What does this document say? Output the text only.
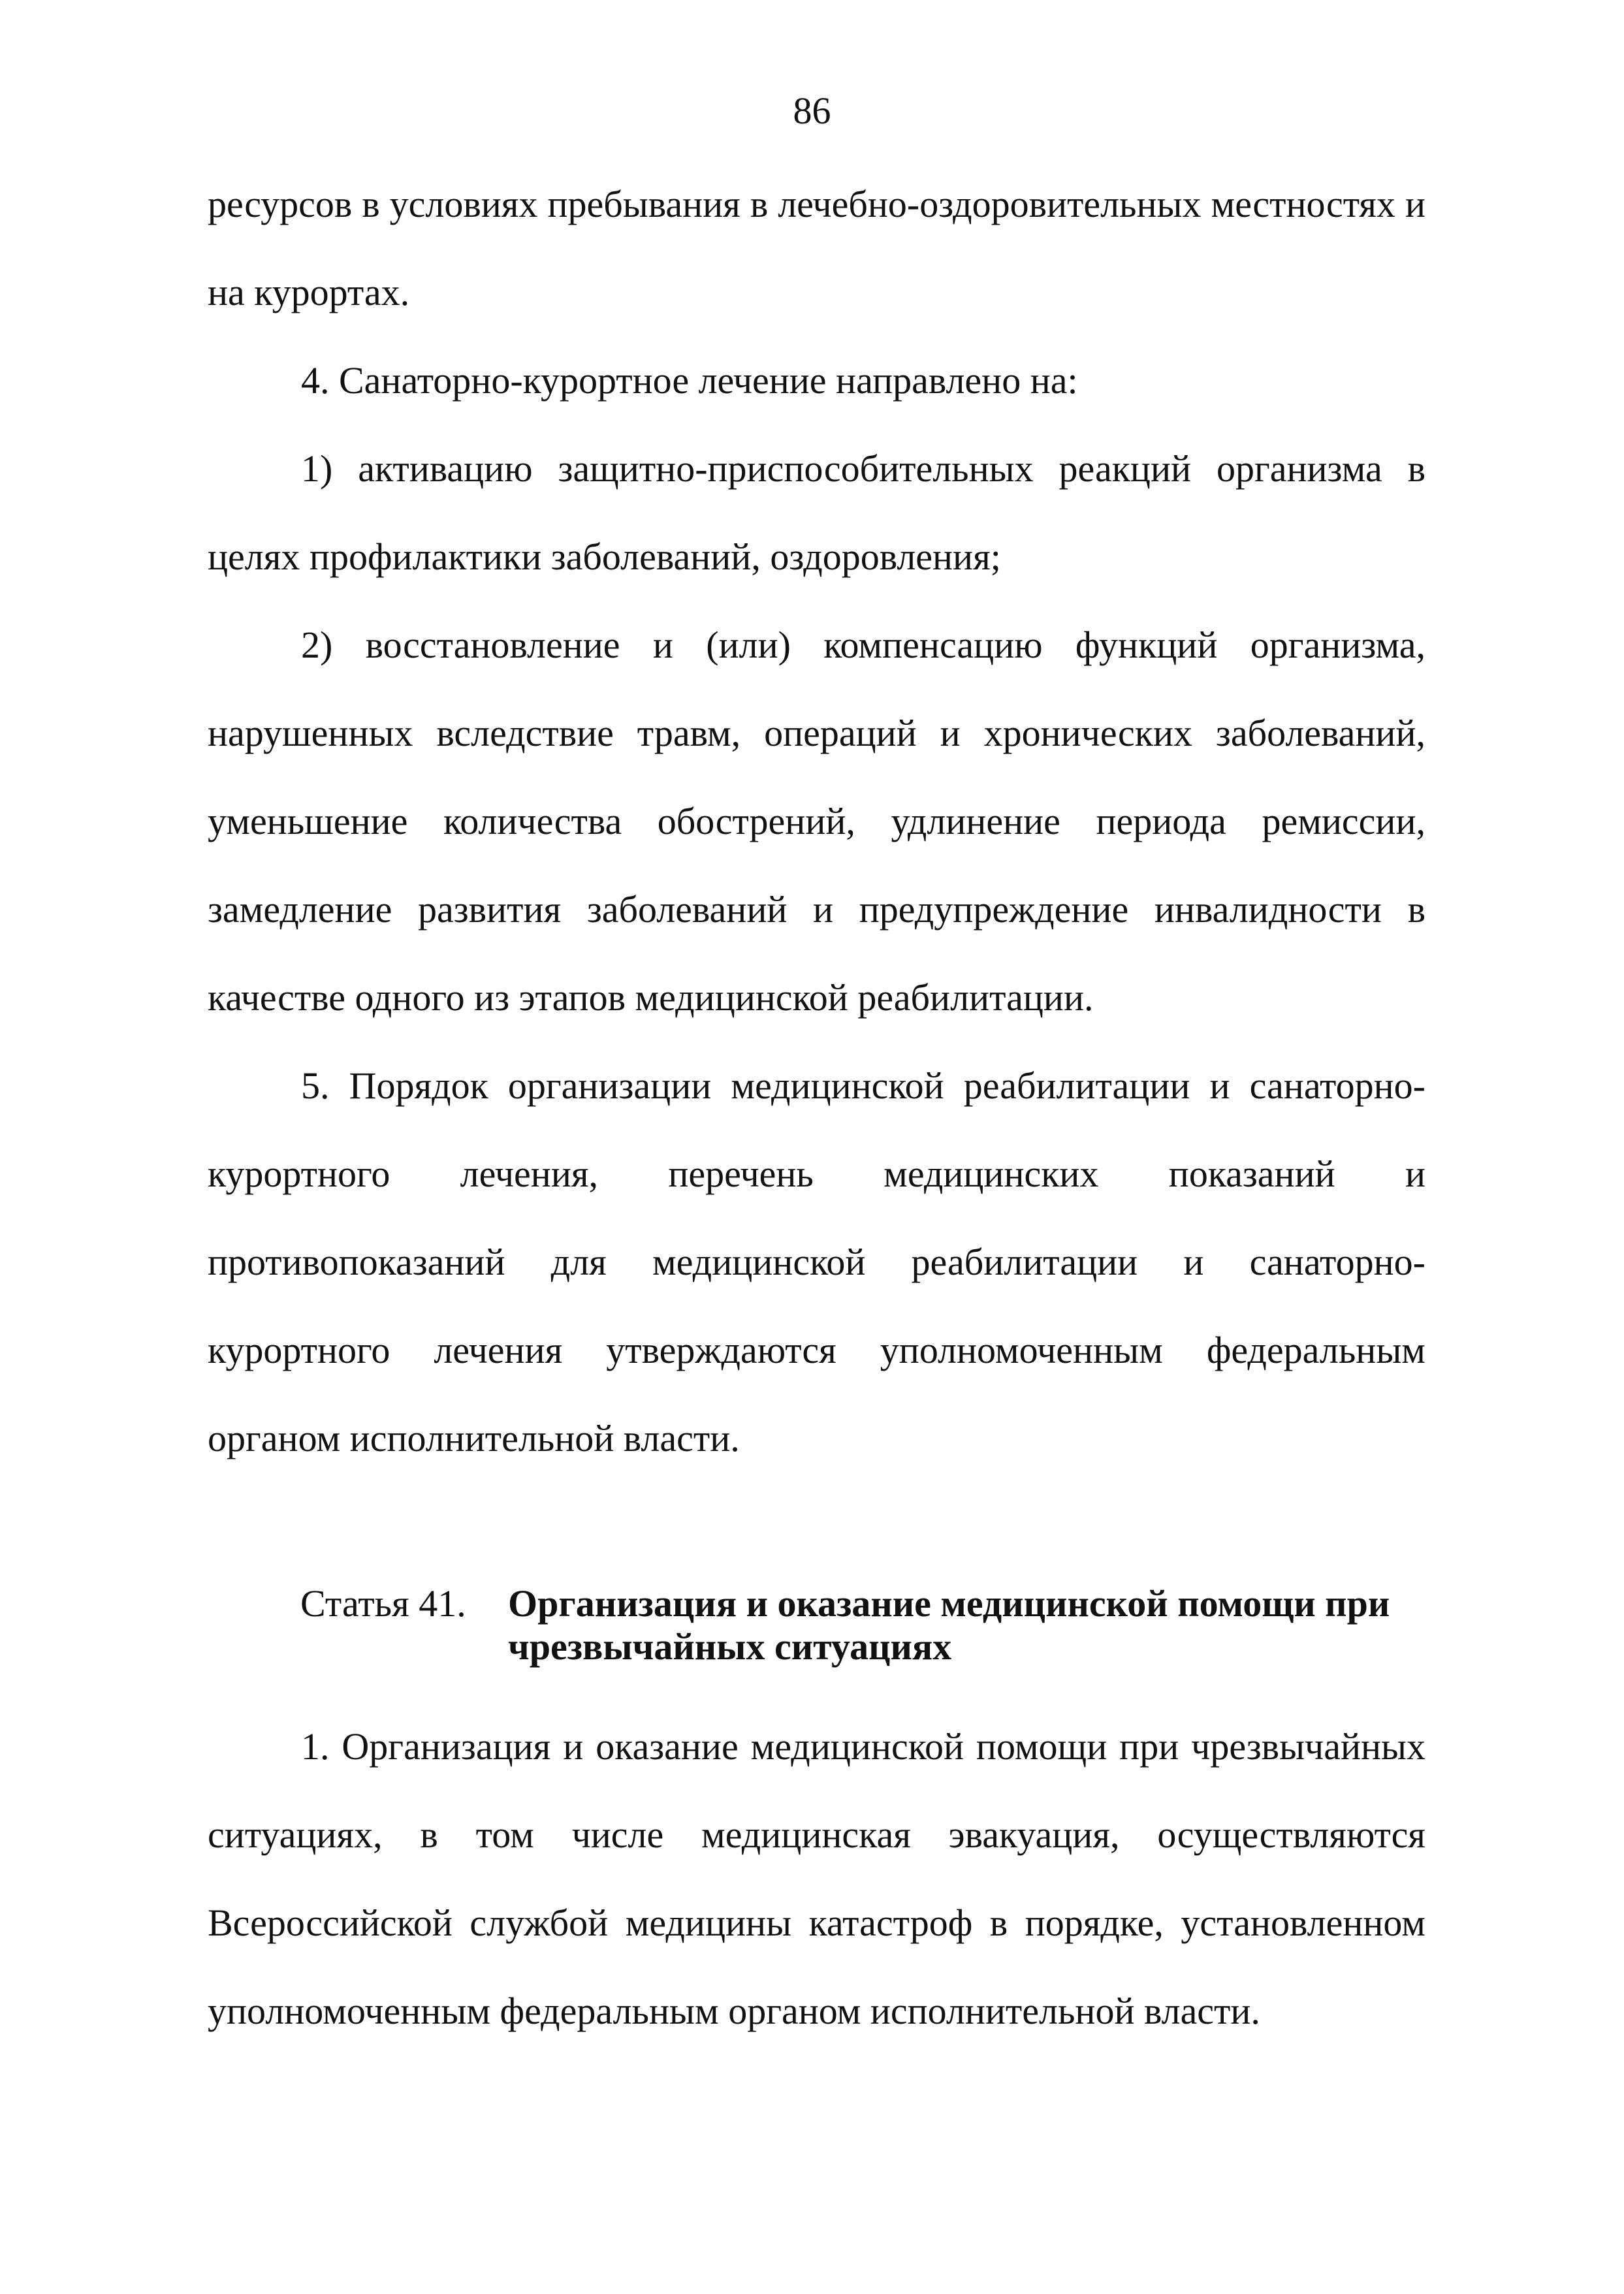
86

ресурсов в условиях пребывания в лечебно-оздоровительных местностях и на курортах.

4. Санаторно-курортное лечение направлено на:

1) активацию защитно-приспособительных реакций организма в целях профилактики заболеваний, оздоровления;

2) восстановление и (или) компенсацию функций организма, нарушенных вследствие травм, операций и хронических заболеваний, уменьшение количества обострений, удлинение периода ремиссии, замедление развития заболеваний и предупреждение инвалидности в качестве одного из этапов медицинской реабилитации.

5. Порядок организации медицинской реабилитации и санаторно-курортного лечения, перечень медицинских показаний и противопоказаний для медицинской реабилитации и санаторно-курортного лечения утверждаются уполномоченным федеральным органом исполнительной власти.

Статья 41.	Организация и оказание медицинской помощи при чрезвычайных ситуациях

1. Организация и оказание медицинской помощи при чрезвычайных ситуациях, в том числе медицинская эвакуация, осуществляются Всероссийской службой медицины катастроф в порядке, установленном уполномоченным федеральным органом исполнительной власти.
